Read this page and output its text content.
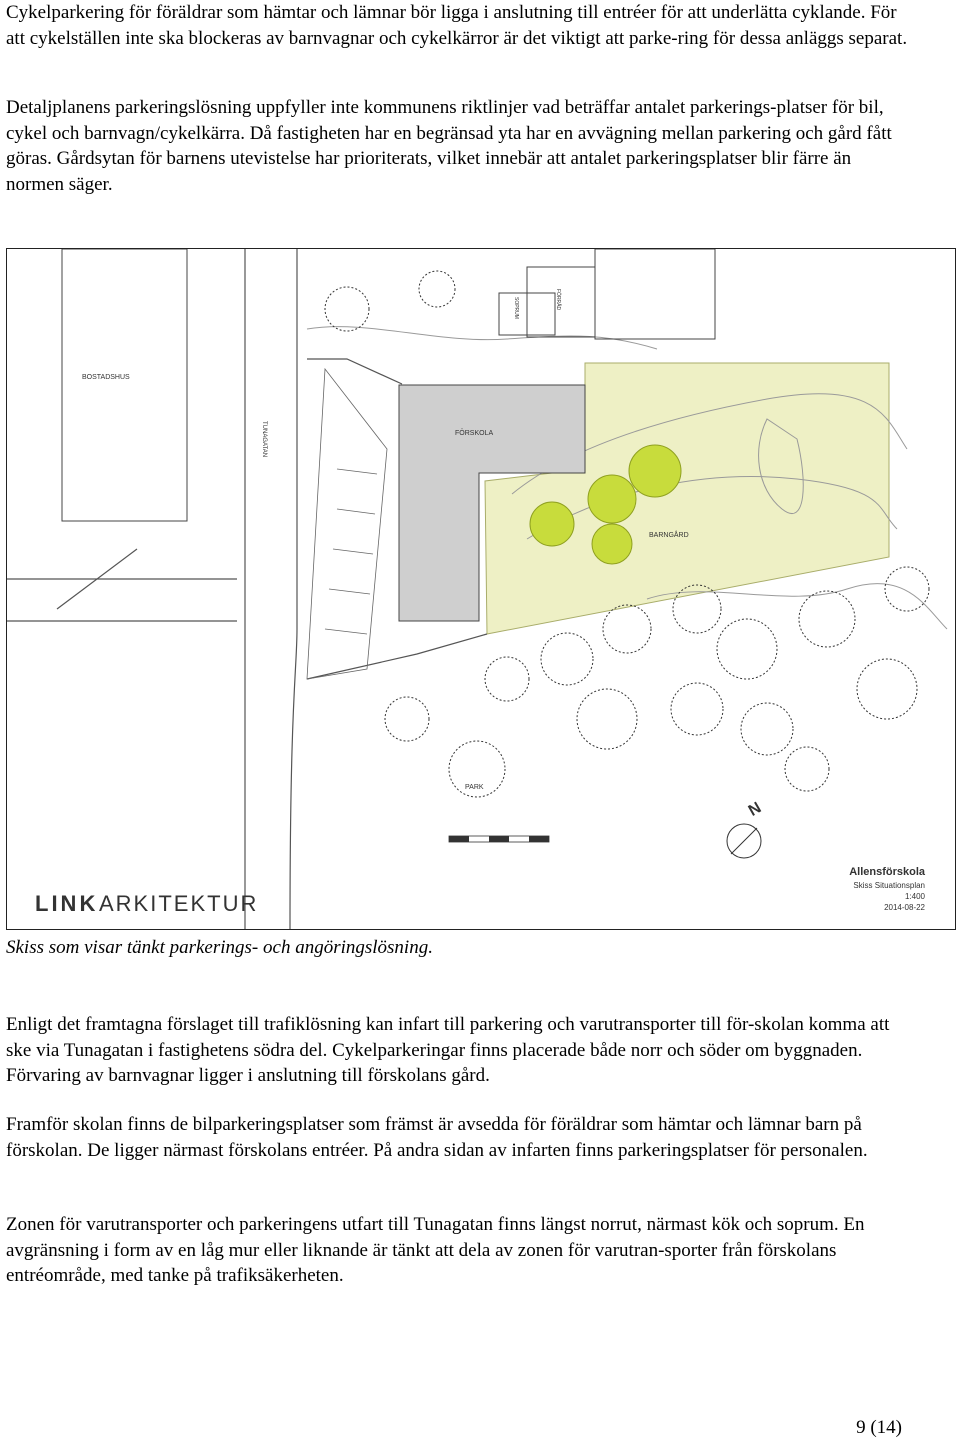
Cykelparkering för föräldrar som hämtar och lämnar bör ligga i anslutning till entréer för att underlätta cyklande. För att cykelställen inte ska blockeras av barnvagnar och cykelkärror är det viktigt att parke-ring för dessa anläggs separat.

Detaljplanens parkeringslösning uppfyller inte kommunens riktlinjer vad beträffar antalet parkerings-platser för bil, cykel och barnvagn/cykelkärra. Då fastigheten har en begränsad yta har en avvägning mellan parkering och gård fått göras. Gårdsytan för barnens utevistelse har prioriterats, vilket innebär att antalet parkeringsplatser blir färre än normen säger.

BOSTADSHUS
FÖRSKOLA
BARNGÅRD
PARK
TUNAGATAN
SOPRUM	FÖRRÅD
N
LINK ARKITEKTUR
Allensförskola
Skiss Situationsplan
1:400
2014-08-22

Skiss som visar tänkt parkerings- och angöringslösning.

Enligt det framtagna förslaget till trafiklösning kan infart till parkering och varutransporter till för-skolan komma att ske via Tunagatan i fastighetens södra del. Cykelparkeringar finns placerade både norr och söder om byggnaden. Förvaring av barnvagnar ligger i anslutning till förskolans gård.

Framför skolan finns de bilparkeringsplatser som främst är avsedda för föräldrar som hämtar och lämnar barn på förskolan. De ligger närmast förskolans entréer. På andra sidan av infarten finns parkeringsplatser för personalen.

Zonen för varutransporter och parkeringens utfart till Tunagatan finns längst norrut, närmast kök och soprum. En avgränsning i form av en låg mur eller liknande är tänkt att dela av zonen för varutran-sporter från förskolans entréområde, med tanke på trafiksäkerheten.

9 (14)
